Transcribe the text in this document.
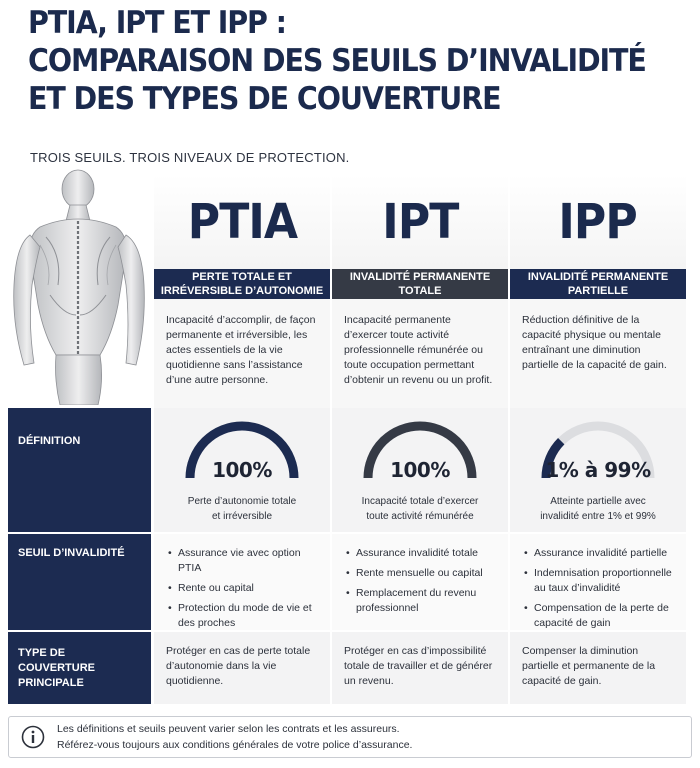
PTIA, IPT ET IPP :
COMPARAISON DES SEUILS D’INVALIDITÉ
ET DES TYPES DE COUVERTURE
TROIS SEUILS. TROIS NIVEAUX DE PROTECTION.
PTIA
PERTE TOTALE ET IRRÉVERSIBLE D’AUTONOMIE
Incapacité d’accomplir, de façon permanente et irréversible, les actes essentiels de la vie quotidienne sans l’assistance d’une autre personne.
IPT
INVALIDITÉ PERMANENTE TOTALE
Incapacité permanente d’exercer toute activité professionnelle rémunérée ou toute occupation permettant d’obtenir un revenu ou un profit.
IPP
INVALIDITÉ PERMANENTE PARTIELLE
Réduction définitive de la capacité physique ou mentale entraînant une diminution partielle de la capacité de gain.
DÉFINITION
100%
Perte d’autonomie totale et irréversible
100%
Incapacité totale d’exercer toute activité rémunérée
1% à 99%
Atteinte partielle avec invalidité entre 1% et 99%
SEUIL D’INVALIDITÉ
•	Assurance vie avec option PTIA
• Rente ou capital
• Protection du mode de vie et des proches
• Assurance invalidité totale
• Rente mensuelle ou capital
• Remplacement du revenu professionnel
• Assurance invalidité partielle
• Indemnisation proportionnelle au taux d’invalidité
• Compensation de la perte de capacité de gain
TYPE DE COUVERTURE PRINCIPALE
Protéger en cas de perte totale d’autonomie dans la vie quotidienne.
Protéger en cas d’impossibilité totale de travailler et de générer un revenu.
Compenser la diminution partielle et permanente de la capacité de gain.
Les définitions et seuils peuvent varier selon les contrats et les assureurs.
Référez-vous toujours aux conditions générales de votre police d’assurance.
